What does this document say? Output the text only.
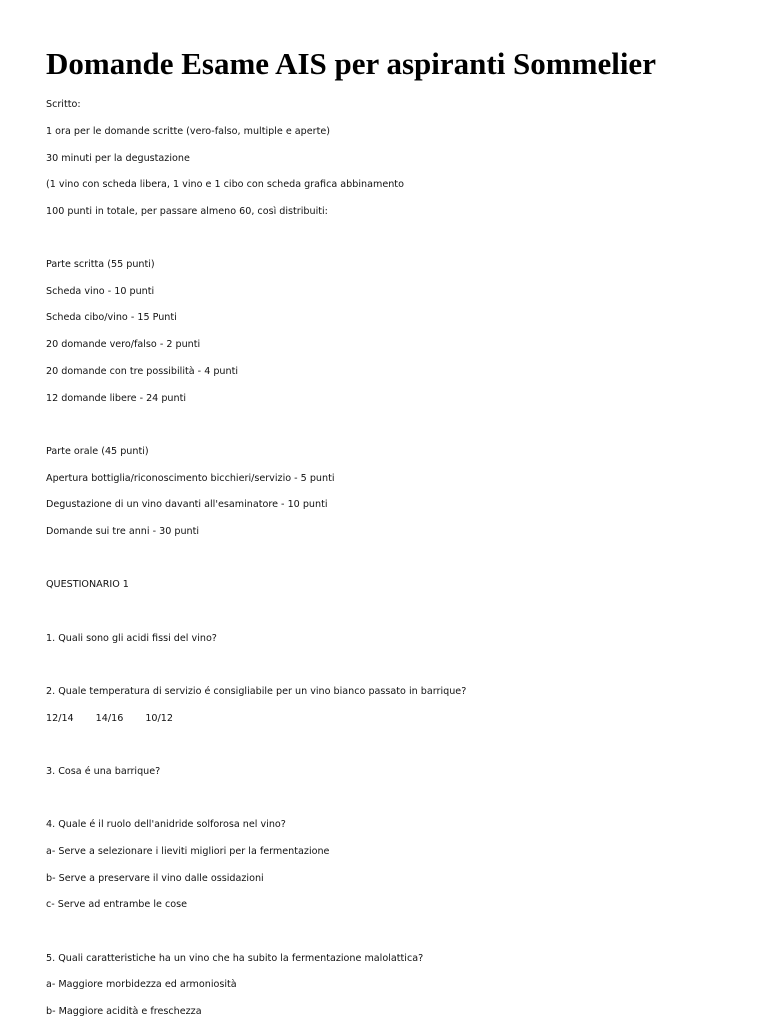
Domande Esame AIS per aspiranti Sommelier

Scritto:

1 ora per le domande scritte (vero-falso, multiple e aperte)

30 minuti per la degustazione

(1 vino con scheda libera, 1 vino e 1 cibo con scheda grafica abbinamento

100 punti in totale, per passare almeno 60, così distribuiti:

Parte scritta (55 punti)

Scheda vino - 10 punti

Scheda cibo/vino - 15 Punti

20 domande vero/falso - 2 punti

20 domande con tre possibilità - 4 punti

12 domande libere - 24 punti

Parte orale (45 punti)

Apertura bottiglia/riconoscimento bicchieri/servizio - 5 punti

Degustazione di un vino davanti all'esaminatore - 10 punti

Domande sui tre anni - 30 punti

QUESTIONARIO 1

1. Quali sono gli acidi fissi del vino?

2. Quale temperatura di servizio é consigliabile per un vino bianco passato in barrique?

12/14 14/16 10/12

3. Cosa é una barrique?

4. Quale é il ruolo dell'anidride solforosa nel vino?

a- Serve a selezionare i lieviti migliori per la fermentazione

b- Serve a preservare il vino dalle ossidazioni

c- Serve ad entrambe le cose

5. Quali caratteristiche ha un vino che ha subito la fermentazione malolattica?

a- Maggiore morbidezza ed armoniosità

b- Maggiore acidità e freschezza
